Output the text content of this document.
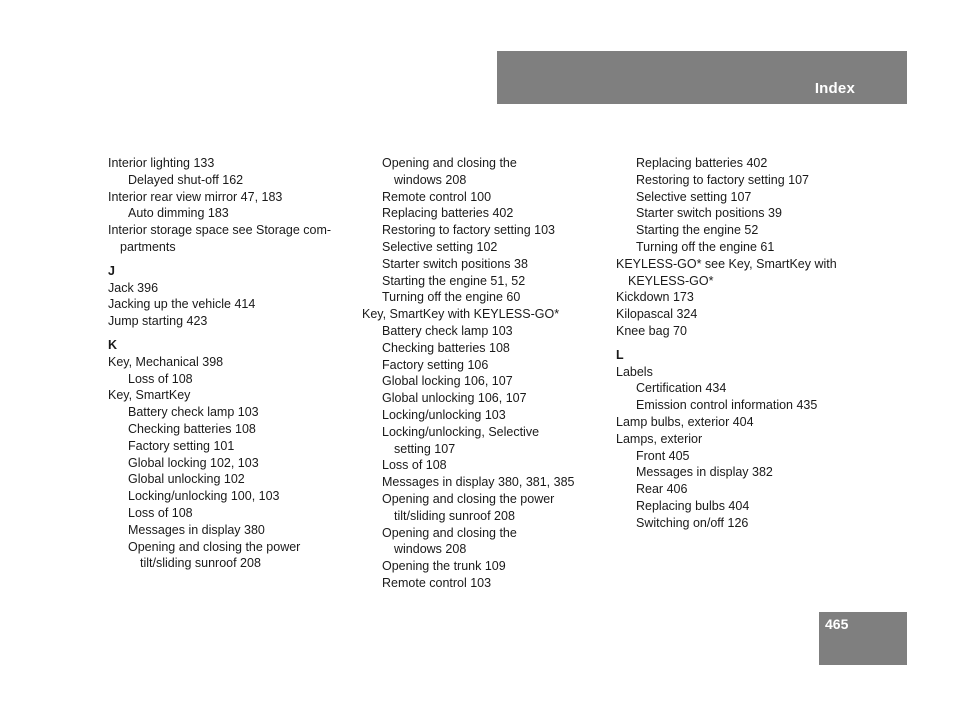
Index
Interior lighting 133
Delayed shut-off 162
Interior rear view mirror 47, 183
Auto dimming 183
Interior storage space see Storage com-
partments
J
Jack 396
Jacking up the vehicle 414
Jump starting 423
K
Key, Mechanical 398
Loss of 108
Key, SmartKey
Battery check lamp 103
Checking batteries 108
Factory setting 101
Global locking 102, 103
Global unlocking 102
Locking/unlocking 100, 103
Loss of 108
Messages in display 380
Opening and closing the power
tilt/sliding sunroof 208
Opening and closing the
windows 208
Remote control 100
Replacing batteries 402
Restoring to factory setting 103
Selective setting 102
Starter switch positions 38
Starting the engine 51, 52
Turning off the engine 60
Key, SmartKey with KEYLESS-GO*
Battery check lamp 103
Checking batteries 108
Factory setting 106
Global locking 106, 107
Global unlocking 106, 107
Locking/unlocking 103
Locking/unlocking, Selective
setting 107
Loss of 108
Messages in display 380, 381, 385
Opening and closing the power
tilt/sliding sunroof 208
Opening and closing the
windows 208
Opening the trunk 109
Remote control 103
Replacing batteries 402
Restoring to factory setting 107
Selective setting 107
Starter switch positions 39
Starting the engine 52
Turning off the engine 61
KEYLESS-GO* see Key, SmartKey with
KEYLESS-GO*
Kickdown 173
Kilopascal 324
Knee bag 70
L
Labels
Certification 434
Emission control information 435
Lamp bulbs, exterior 404
Lamps, exterior
Front 405
Messages in display 382
Rear 406
Replacing bulbs 404
Switching on/off 126
465
